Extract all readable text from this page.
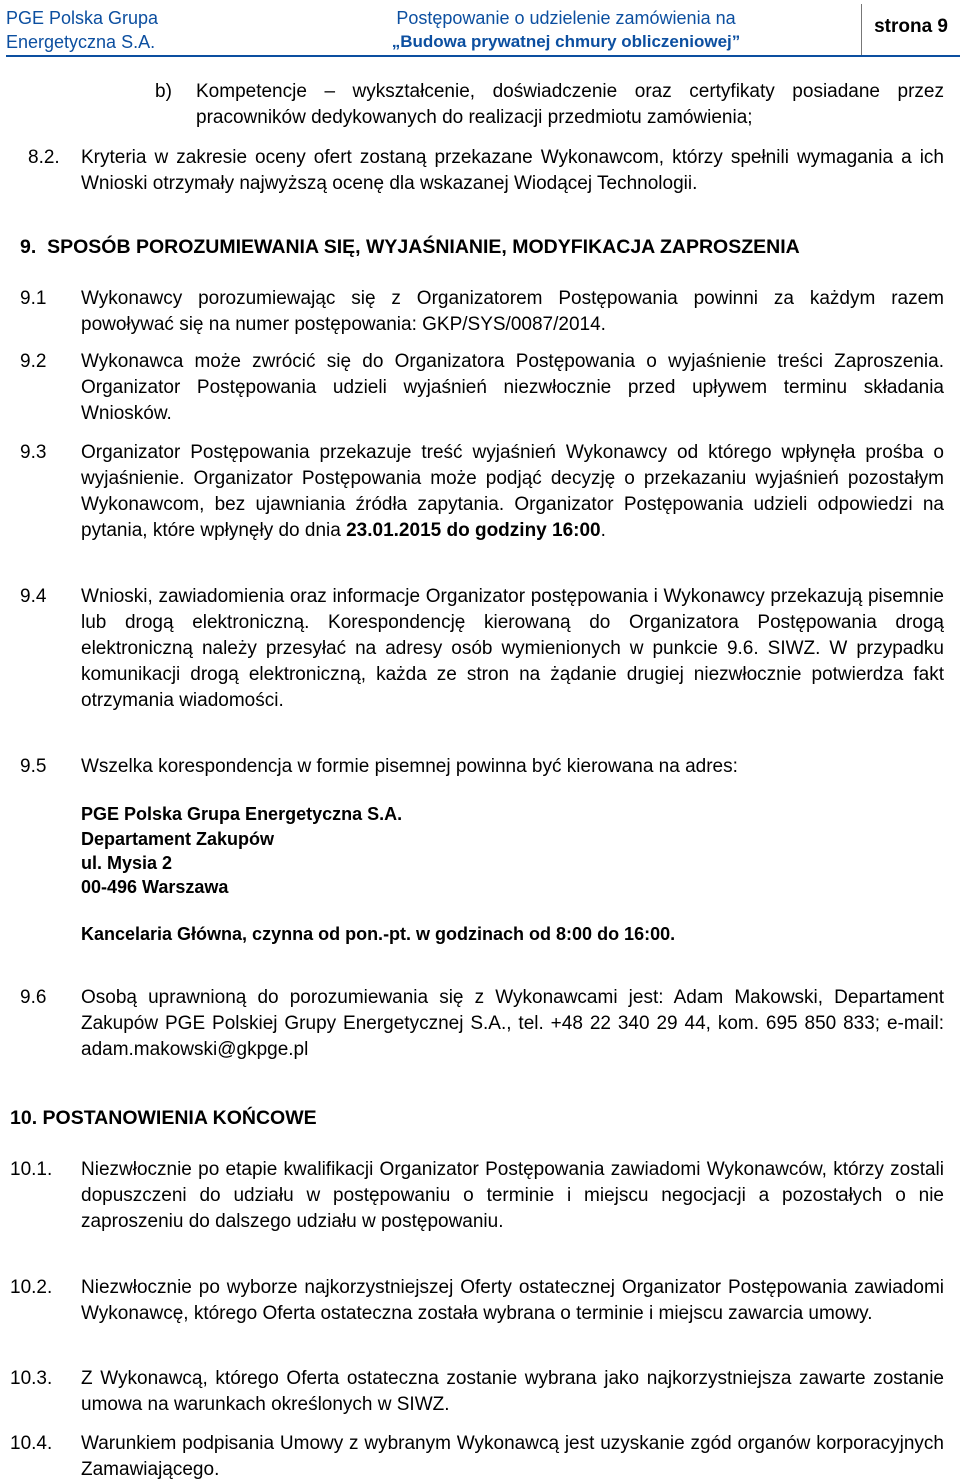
PGE Polska Grupa
Energetyczna S.A.
Postępowanie o udzielenie zamówienia na
„Budowa prywatnej chmury obliczeniowej”
strona 9
b) Kompetencje – wykształcenie, doświadczenie oraz certyfikaty posiadane przez pracowników dedykowanych do realizacji przedmiotu zamówienia;
8.2. Kryteria w zakresie oceny ofert zostaną przekazane Wykonawcom, którzy spełnili wymagania a ich Wnioski otrzymały najwyższą ocenę dla wskazanej Wiodącej Technologii.
9.  SPOSÓB POROZUMIEWANIA SIĘ, WYJAŚNIANIE, MODYFIKACJA ZAPROSZENIA
9.1 Wykonawcy porozumiewając się z Organizatorem Postępowania powinni za każdym razem powoływać się na numer postępowania: GKP/SYS/0087/2014.
9.2 Wykonawca może zwrócić się do Organizatora Postępowania o wyjaśnienie treści Zaproszenia. Organizator Postępowania udzieli wyjaśnień niezwłocznie przed upływem terminu składania Wniosków.
9.3 Organizator Postępowania przekazuje treść wyjaśnień Wykonawcy od którego wpłynęła prośba o wyjaśnienie. Organizator Postępowania może podjąć decyzję o przekazaniu wyjaśnień pozostałym Wykonawcom, bez ujawniania źródła zapytania. Organizator Postępowania udzieli odpowiedzi na pytania, które wpłynęły do dnia 23.01.2015 do godziny 16:00.
9.4 Wnioski, zawiadomienia oraz informacje Organizator postępowania i Wykonawcy przekazują pisemnie lub drogą elektroniczną. Korespondencję kierowaną do Organizatora Postępowania drogą elektroniczną należy przesyłać na adresy osób wymienionych w punkcie 9.6. SIWZ. W przypadku komunikacji drogą elektroniczną, każda ze stron na żądanie drugiej niezwłocznie potwierdza fakt otrzymania wiadomości.
9.5 Wszelka korespondencja w formie pisemnej powinna być kierowana na adres:
PGE Polska Grupa Energetyczna S.A.
Departament Zakupów
ul. Mysia 2
00-496 Warszawa
Kancelaria Główna, czynna od pon.-pt. w godzinach od 8:00 do 16:00.
9.6 Osobą uprawnioną do porozumiewania się z Wykonawcami jest: Adam Makowski, Departament Zakupów PGE Polskiej Grupy Energetycznej S.A., tel. +48 22 340 29 44, kom. 695 850 833; e-mail: adam.makowski@gkpge.pl
10. POSTANOWIENIA KOŃCOWE
10.1. Niezwłocznie po etapie kwalifikacji Organizator Postępowania zawiadomi Wykonawców, którzy zostali dopuszczeni do udziału w postępowaniu o terminie i miejscu negocjacji a pozostałych o nie zaproszeniu do dalszego udziału w postępowaniu.
10.2. Niezwłocznie po wyborze najkorzystniejszej Oferty ostatecznej Organizator Postępowania zawiadomi Wykonawcę, którego Oferta ostateczna została wybrana o terminie i miejscu zawarcia umowy.
10.3. Z Wykonawcą, którego Oferta ostateczna zostanie wybrana jako najkorzystniejsza zawarte zostanie umowa na warunkach określonych w SIWZ.
10.4. Warunkiem podpisania Umowy z wybranym Wykonawcą jest uzyskanie zgód organów korporacyjnych Zamawiającego.
